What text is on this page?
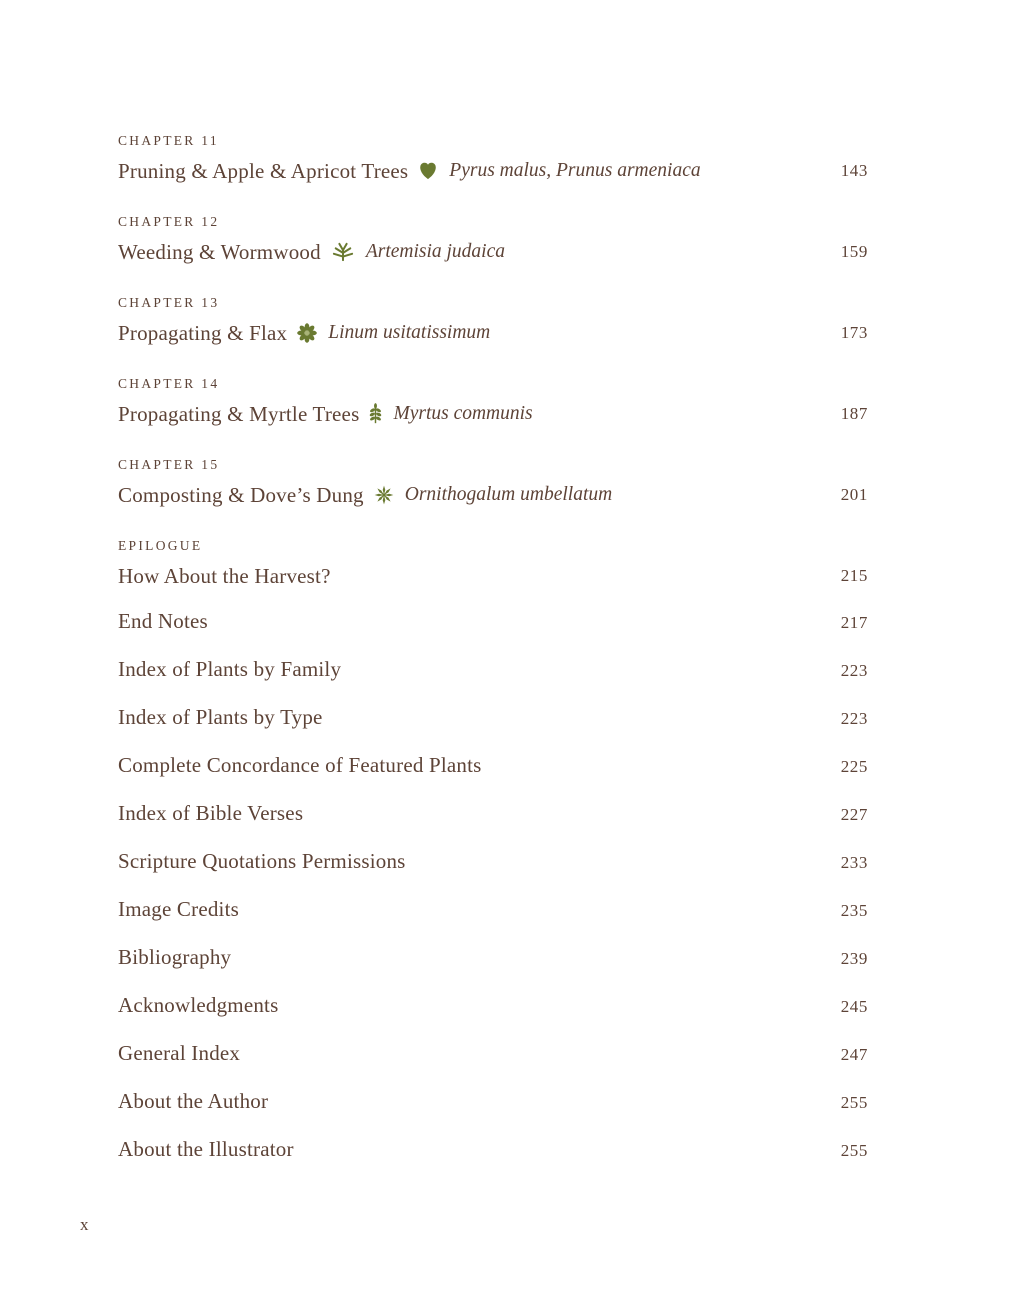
CHAPTER 11
Pruning & Apple & Apricot Trees Pyrus malus, Prunus armeniaca	143
CHAPTER 12
Weeding & Wormwood Artemisia judaica	159
CHAPTER 13
Propagating & Flax Linum usitatissimum	173
CHAPTER 14
Propagating & Myrtle Trees Myrtus communis	187
CHAPTER 15
Composting & Dove’s Dung Ornithogalum umbellatum	201
EPILOGUE
How About the Harvest?	215
End Notes	217
Index of Plants by Family	223
Index of Plants by Type	223
Complete Concordance of Featured Plants	225
Index of Bible Verses	227
Scripture Quotations Permissions	233
Image Credits	235
Bibliography	239
Acknowledgments	245
General Index	247
About the Author	255
About the Illustrator	255
x
